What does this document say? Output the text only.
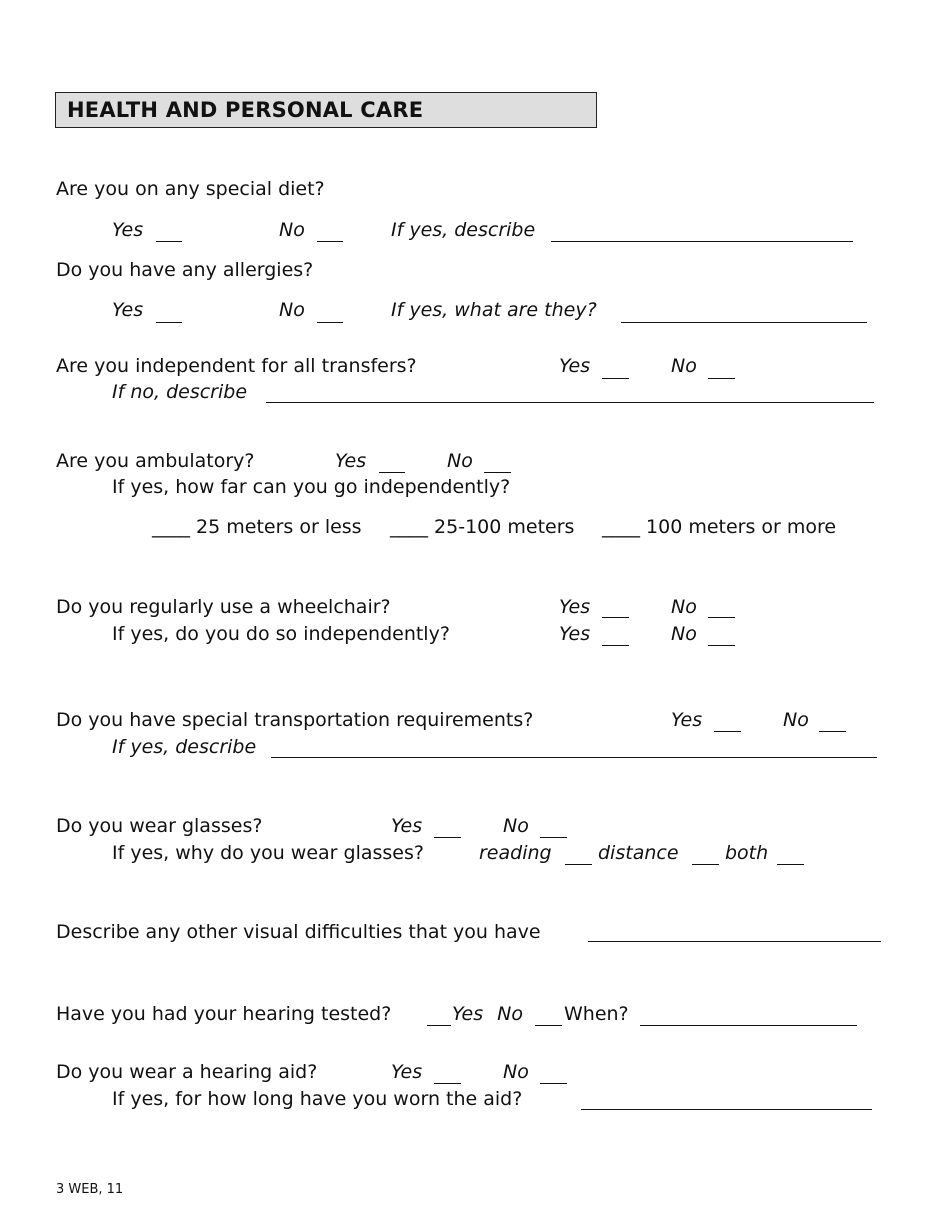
HEALTH AND PERSONAL CARE
Are you on any special diet?
Yes	No	If yes, describe
Do you have any allergies?
Yes	No	If yes, what are they?
Are you independent for all transfers?	Yes	No
If no, describe
Are you ambulatory?	Yes	No
If yes, how far can you go independently?
____ 25 meters or less ____ 25-100 meters ____ 100 meters or more
Do you regularly use a wheelchair?	Yes	No
If yes, do you do so independently?	Yes	No
Do you have special transportation requirements?	Yes	No
If yes, describe
Do you wear glasses?	Yes	No
If yes, why do you wear glasses?	reading distance both
Describe any other visual difficulties that you have
Have you had your hearing tested?	Yes No When?
Do you wear a hearing aid?	Yes	No
If yes, for how long have you worn the aid?
3 WEB, 11
